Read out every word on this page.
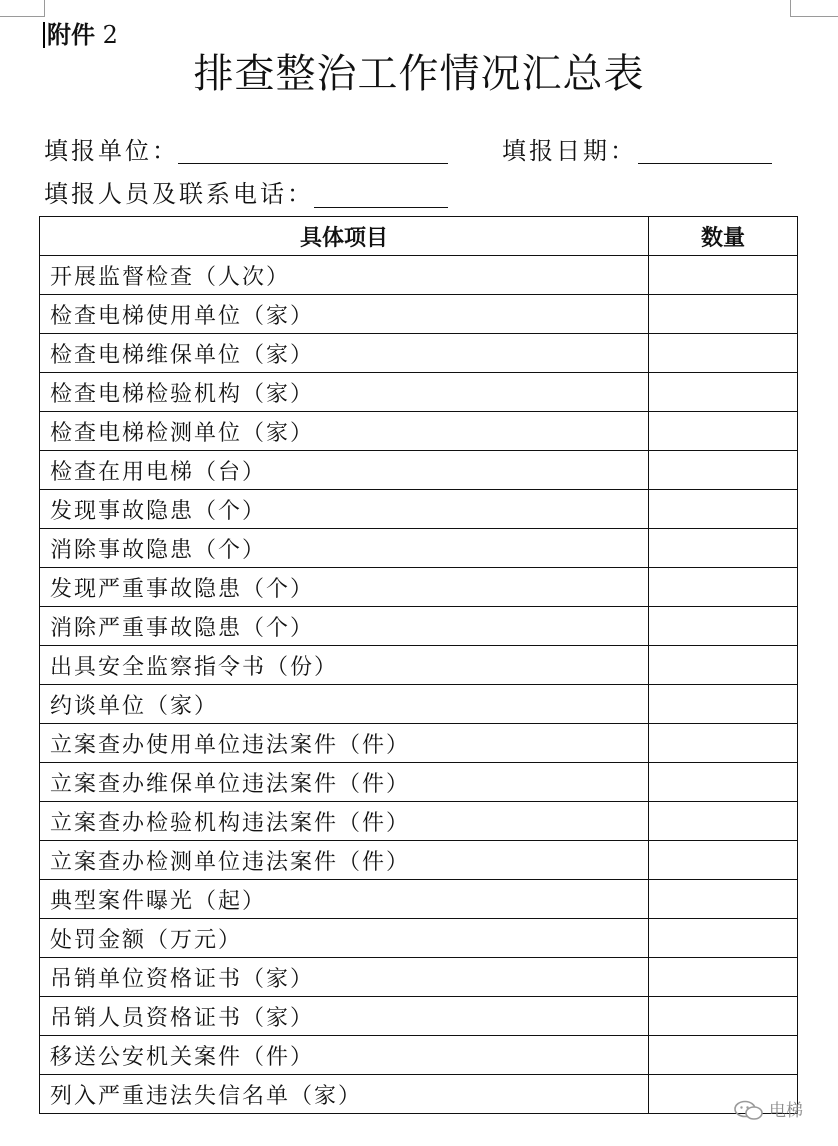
附件 2
排查整治工作情况汇总表
填报单位：	填报日期：
填报人员及联系电话：
具体项目	数量
开展监督检查（人次）	
检查电梯使用单位（家）	
检查电梯维保单位（家）	
检查电梯检验机构（家）	
检查电梯检测单位（家）	
检查在用电梯（台）	
发现事故隐患（个）	
消除事故隐患（个）	
发现严重事故隐患（个）	
消除严重事故隐患（个）	
出具安全监察指令书（份）	
约谈单位（家）	
立案查办使用单位违法案件（件）	
立案查办维保单位违法案件（件）	
立案查办检验机构违法案件（件）	
立案查办检测单位违法案件（件）	
典型案件曝光（起）	
处罚金额（万元）	
吊销单位资格证书（家）	
吊销人员资格证书（家）	
移送公安机关案件（件）	
列入严重违法失信名单（家）	
电梯
